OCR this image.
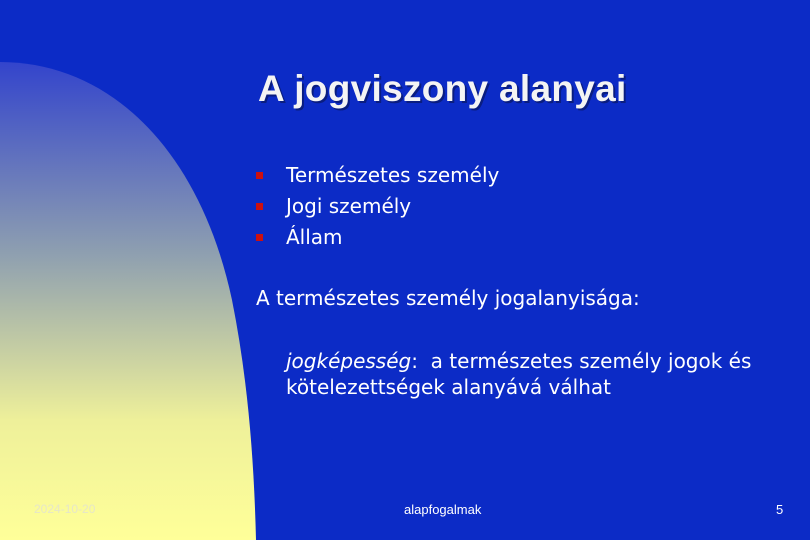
A jogviszony alanyai
Természetes személy
Jogi személy
Állam
A természetes személy jogalanyisága:
jogképesség:  a természetes személy jogok és  kötelezettségek alanyává válhat
2024-10-20	alapfogalmak	5
